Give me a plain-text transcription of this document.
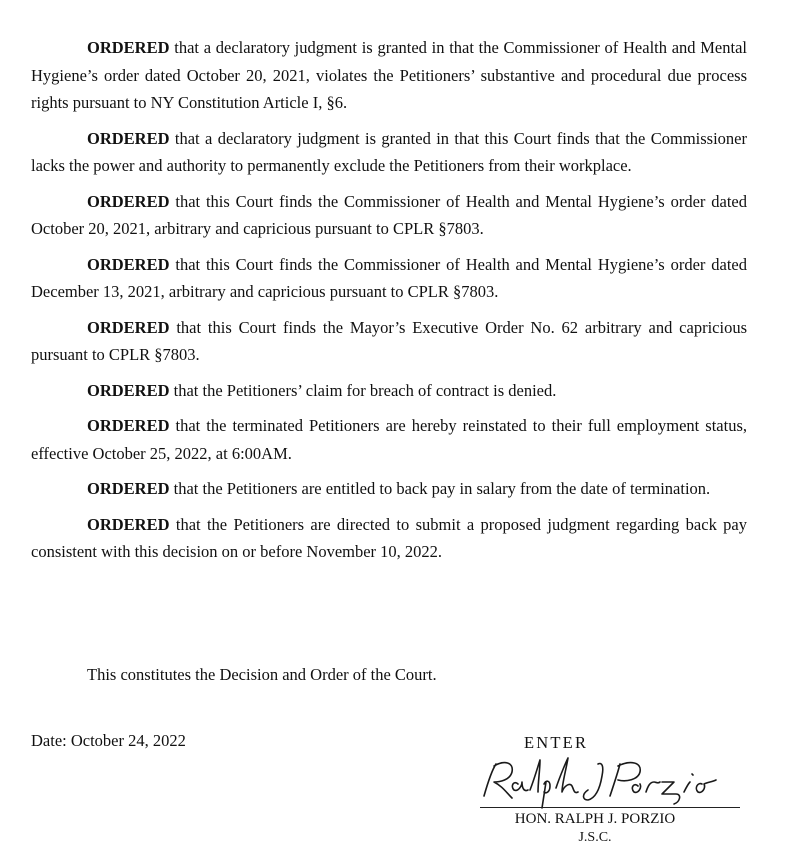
ORDERED that a declaratory judgment is granted in that the Commissioner of Health and Mental Hygiene’s order dated October 20, 2021, violates the Petitioners’ substantive and procedural due process rights pursuant to NY Constitution Article I, §6.

ORDERED that a declaratory judgment is granted in that this Court finds that the Commissioner lacks the power and authority to permanently exclude the Petitioners from their workplace.

ORDERED that this Court finds the Commissioner of Health and Mental Hygiene’s order dated October 20, 2021, arbitrary and capricious pursuant to CPLR §7803.

ORDERED that this Court finds the Commissioner of Health and Mental Hygiene’s order dated December 13, 2021, arbitrary and capricious pursuant to CPLR §7803.

ORDERED that this Court finds the Mayor’s Executive Order No. 62 arbitrary and capricious pursuant to CPLR §7803.

ORDERED that the Petitioners’ claim for breach of contract is denied.

ORDERED that the terminated Petitioners are hereby reinstated to their full employment status, effective October 25, 2022, at 6:00AM.

ORDERED that the Petitioners are entitled to back pay in salary from the date of termination.

ORDERED that the Petitioners are directed to submit a proposed judgment regarding back pay consistent with this decision on or before November 10, 2022.

This constitutes the Decision and Order of the Court.

Date: October 24, 2022	ENTER

HON. RALPH J. PORZIO

J.S.C.
